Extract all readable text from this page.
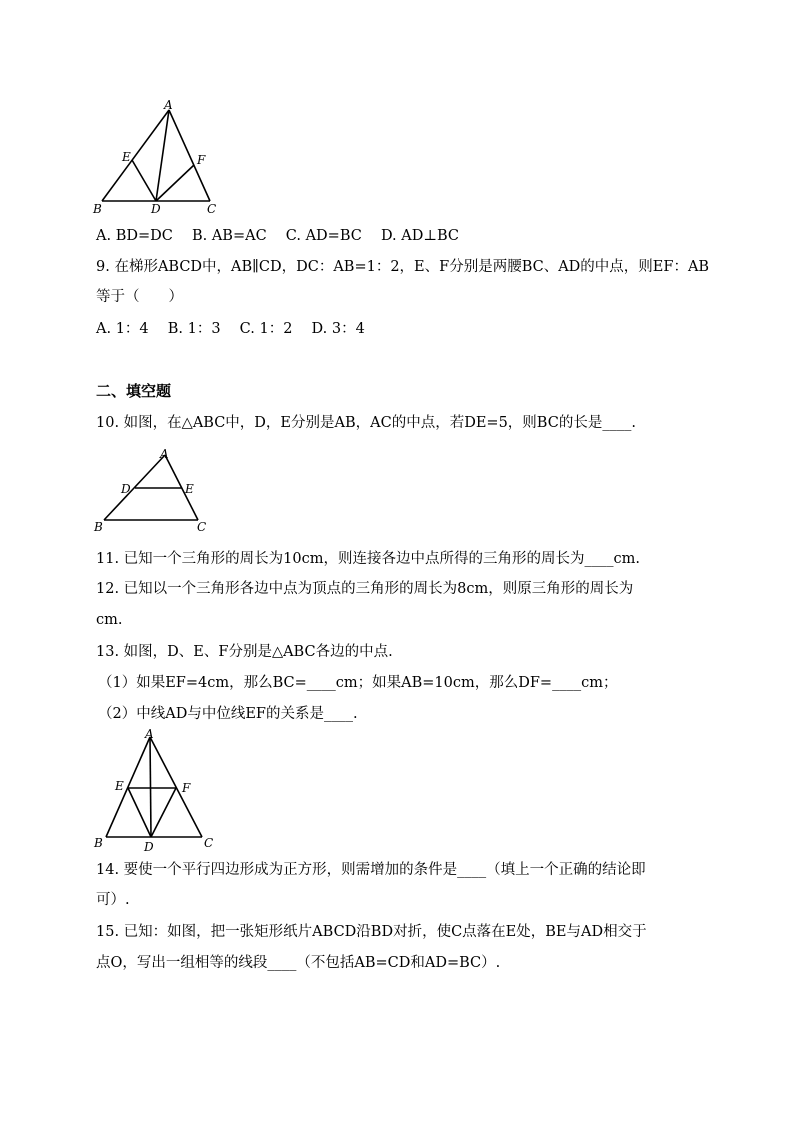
A
E	F
B	D	C
A. BD=DC　 B. AB=AC　 C. AD=BC　 D. AD⊥BC
9. 在梯形ABCD中，AB∥CD，DC：AB=1：2，E、F分别是两腰BC、AD的中点，则EF：AB
等于（　　）
A. 1：4　 B. 1：3　 C. 1：2　 D. 3：4
二、填空题
10. 如图，在△ABC中，D，E分别是AB，AC的中点，若DE=5，则BC的长是____.
A
D	E
B	C
11. 已知一个三角形的周长为10cm，则连接各边中点所得的三角形的周长为____cm.
12. 已知以一个三角形各边中点为顶点的三角形的周长为8cm，则原三角形的周长为
cm.
13. 如图，D、E、F分别是△ABC各边的中点.
（1）如果EF=4cm，那么BC=____cm；如果AB=10cm，那么DF=____cm；
（2）中线AD与中位线EF的关系是____.
A
E	F
B	D	C
14. 要使一个平行四边形成为正方形，则需增加的条件是____（填上一个正确的结论即
可）.
15. 已知：如图，把一张矩形纸片ABCD沿BD对折，使C点落在E处，BE与AD相交于
点O，写出一组相等的线段____（不包括AB=CD和AD=BC）.
